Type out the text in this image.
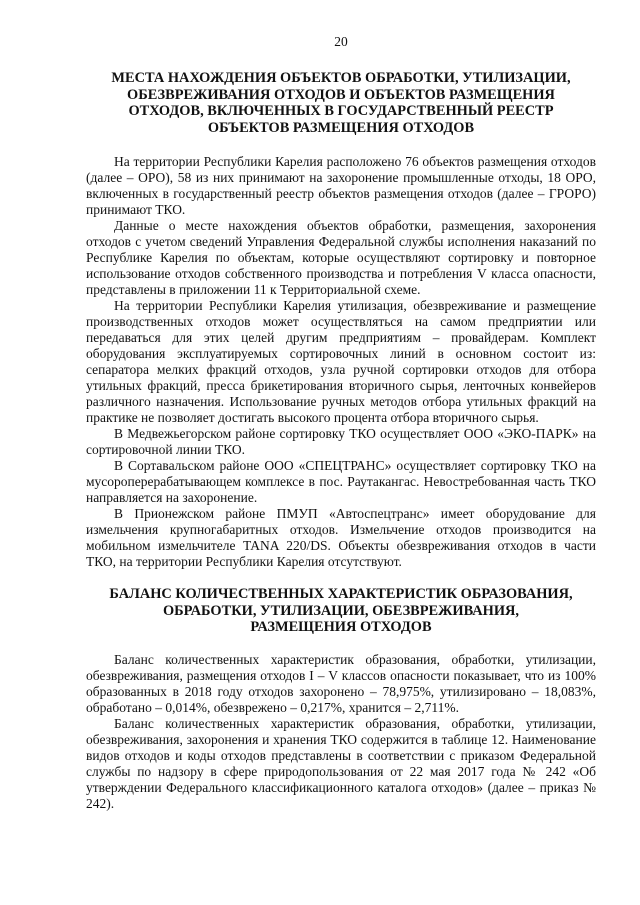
20
МЕСТА НАХОЖДЕНИЯ ОБЪЕКТОВ ОБРАБОТКИ, УТИЛИЗАЦИИ,
ОБЕЗВРЕЖИВАНИЯ ОТХОДОВ И ОБЪЕКТОВ РАЗМЕЩЕНИЯ
ОТХОДОВ, ВКЛЮЧЕННЫХ В ГОСУДАРСТВЕННЫЙ РЕЕСТР
ОБЪЕКТОВ РАЗМЕЩЕНИЯ ОТХОДОВ

На территории Республики Карелия расположено 76 объектов размещения отходов (далее – ОРО), 58 из них принимают на захоронение промышленные отходы, 18 ОРО, включенных в государственный реестр объектов размещения отходов (далее – ГРОРО) принимают ТКО.

Данные о месте нахождения объектов обработки, размещения, захоронения отходов с учетом сведений Управления Федеральной службы исполнения наказаний по Республике Карелия по объектам, которые осуществляют сортировку и повторное использование отходов собственного производства и потребления V класса опасности, представлены в приложении 11 к Территориальной схеме.

На территории Республики Карелия утилизация, обезвреживание и размещение производственных отходов может осуществляться на самом предприятии или передаваться для этих целей другим предприятиям – провайдерам. Комплект оборудования эксплуатируемых сортировочных линий в основном состоит из: сепаратора мелких фракций отходов, узла ручной сортировки отходов для отбора утильных фракций, пресса брикетирования вторичного сырья, ленточных конвейеров различного назначения. Использование ручных методов отбора утильных фракций на практике не позволяет достигать высокого процента отбора вторичного сырья.

В Медвежьегорском районе сортировку ТКО осуществляет ООО «ЭКО-ПАРК» на сортировочной линии ТКО.

В Сортавальском районе ООО «СПЕЦТРАНС» осуществляет сортировку ТКО на мусороперерабатывающем комплексе в пос. Раутакангас. Невостребованная часть ТКО направляется на захоронение.

В Прионежском районе ПМУП «Автоспецтранс» имеет оборудование для измельчения крупногабаритных отходов. Измельчение отходов производится на мобильном измельчителе TANA 220/DS. Объекты обезвреживания отходов в части ТКО, на территории Республики Карелия отсутствуют.

БАЛАНС КОЛИЧЕСТВЕННЫХ ХАРАКТЕРИСТИК ОБРАЗОВАНИЯ,
ОБРАБОТКИ, УТИЛИЗАЦИИ, ОБЕЗВРЕЖИВАНИЯ,
РАЗМЕЩЕНИЯ ОТХОДОВ

Баланс количественных характеристик образования, обработки, утилизации, обезвреживания, размещения отходов I – V классов опасности показывает, что из 100% образованных в 2018 году отходов захоронено – 78,975%, утилизировано – 18,083%, обработано – 0,014%, обезврежено – 0,217%, хранится – 2,711%.

Баланс количественных характеристик образования, обработки, утилизации, обезвреживания, захоронения и хранения ТКО содержится в таблице 12. Наименование видов отходов и коды отходов представлены в соответствии с приказом Федеральной службы по надзору в сфере природопользования от 22 мая 2017 года № 242 «Об утверждении Федерального классификационного каталога отходов» (далее – приказ № 242).
